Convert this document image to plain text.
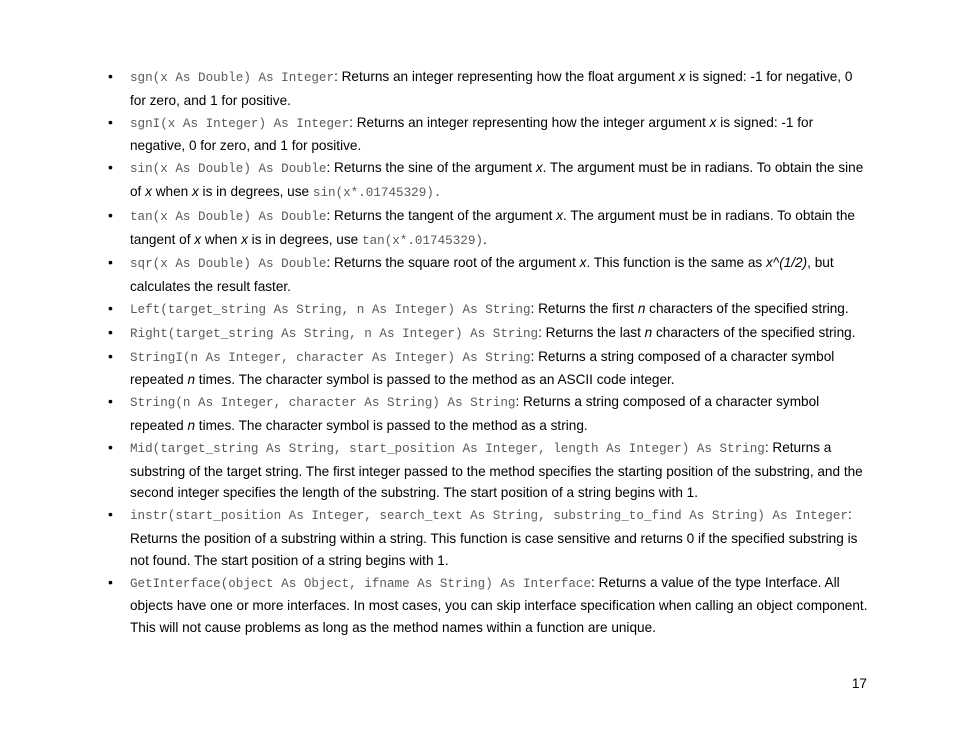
• sgn(x As Double) As Integer: Returns an integer representing how the float argument x is signed: -1 for negative, 0 for zero, and 1 for positive.
• sgnI(x As Integer) As Integer: Returns an integer representing how the integer argument x is signed: -1 for negative, 0 for zero, and 1 for positive.
• sin(x As Double) As Double: Returns the sine of the argument x. The argument must be in radians. To obtain the sine of x when x is in degrees, use sin(x*.01745329).
• tan(x As Double) As Double: Returns the tangent of the argument x. The argument must be in radians. To obtain the tangent of x when x is in degrees, use tan(x*.01745329).
• sqr(x As Double) As Double: Returns the square root of the argument x. This function is the same as x^(1/2), but calculates the result faster.
• Left(target_string As String, n As Integer) As String: Returns the first n characters of the specified string.
• Right(target_string As String, n As Integer) As String: Returns the last n characters of the specified string.
• StringI(n As Integer, character As Integer) As String: Returns a string composed of a character symbol repeated n times. The character symbol is passed to the method as an ASCII code integer.
• String(n As Integer, character As String) As String: Returns a string composed of a character symbol repeated n times. The character symbol is passed to the method as a string.
• Mid(target_string As String, start_position As Integer, length As Integer) As String: Returns a substring of the target string. The first integer passed to the method specifies the starting position of the substring, and the second integer specifies the length of the substring. The start position of a string begins with 1.
• instr(start_position As Integer, search_text As String, substring_to_find As String) As Integer: Returns the position of a substring within a string. This function is case sensitive and returns 0 if the specified substring is not found. The start position of a string begins with 1.
• GetInterface(object As Object, ifname As String) As Interface: Returns a value of the type Interface. All objects have one or more interfaces. In most cases, you can skip interface specification when calling an object component. This will not cause problems as long as the method names within a function are unique.
17
